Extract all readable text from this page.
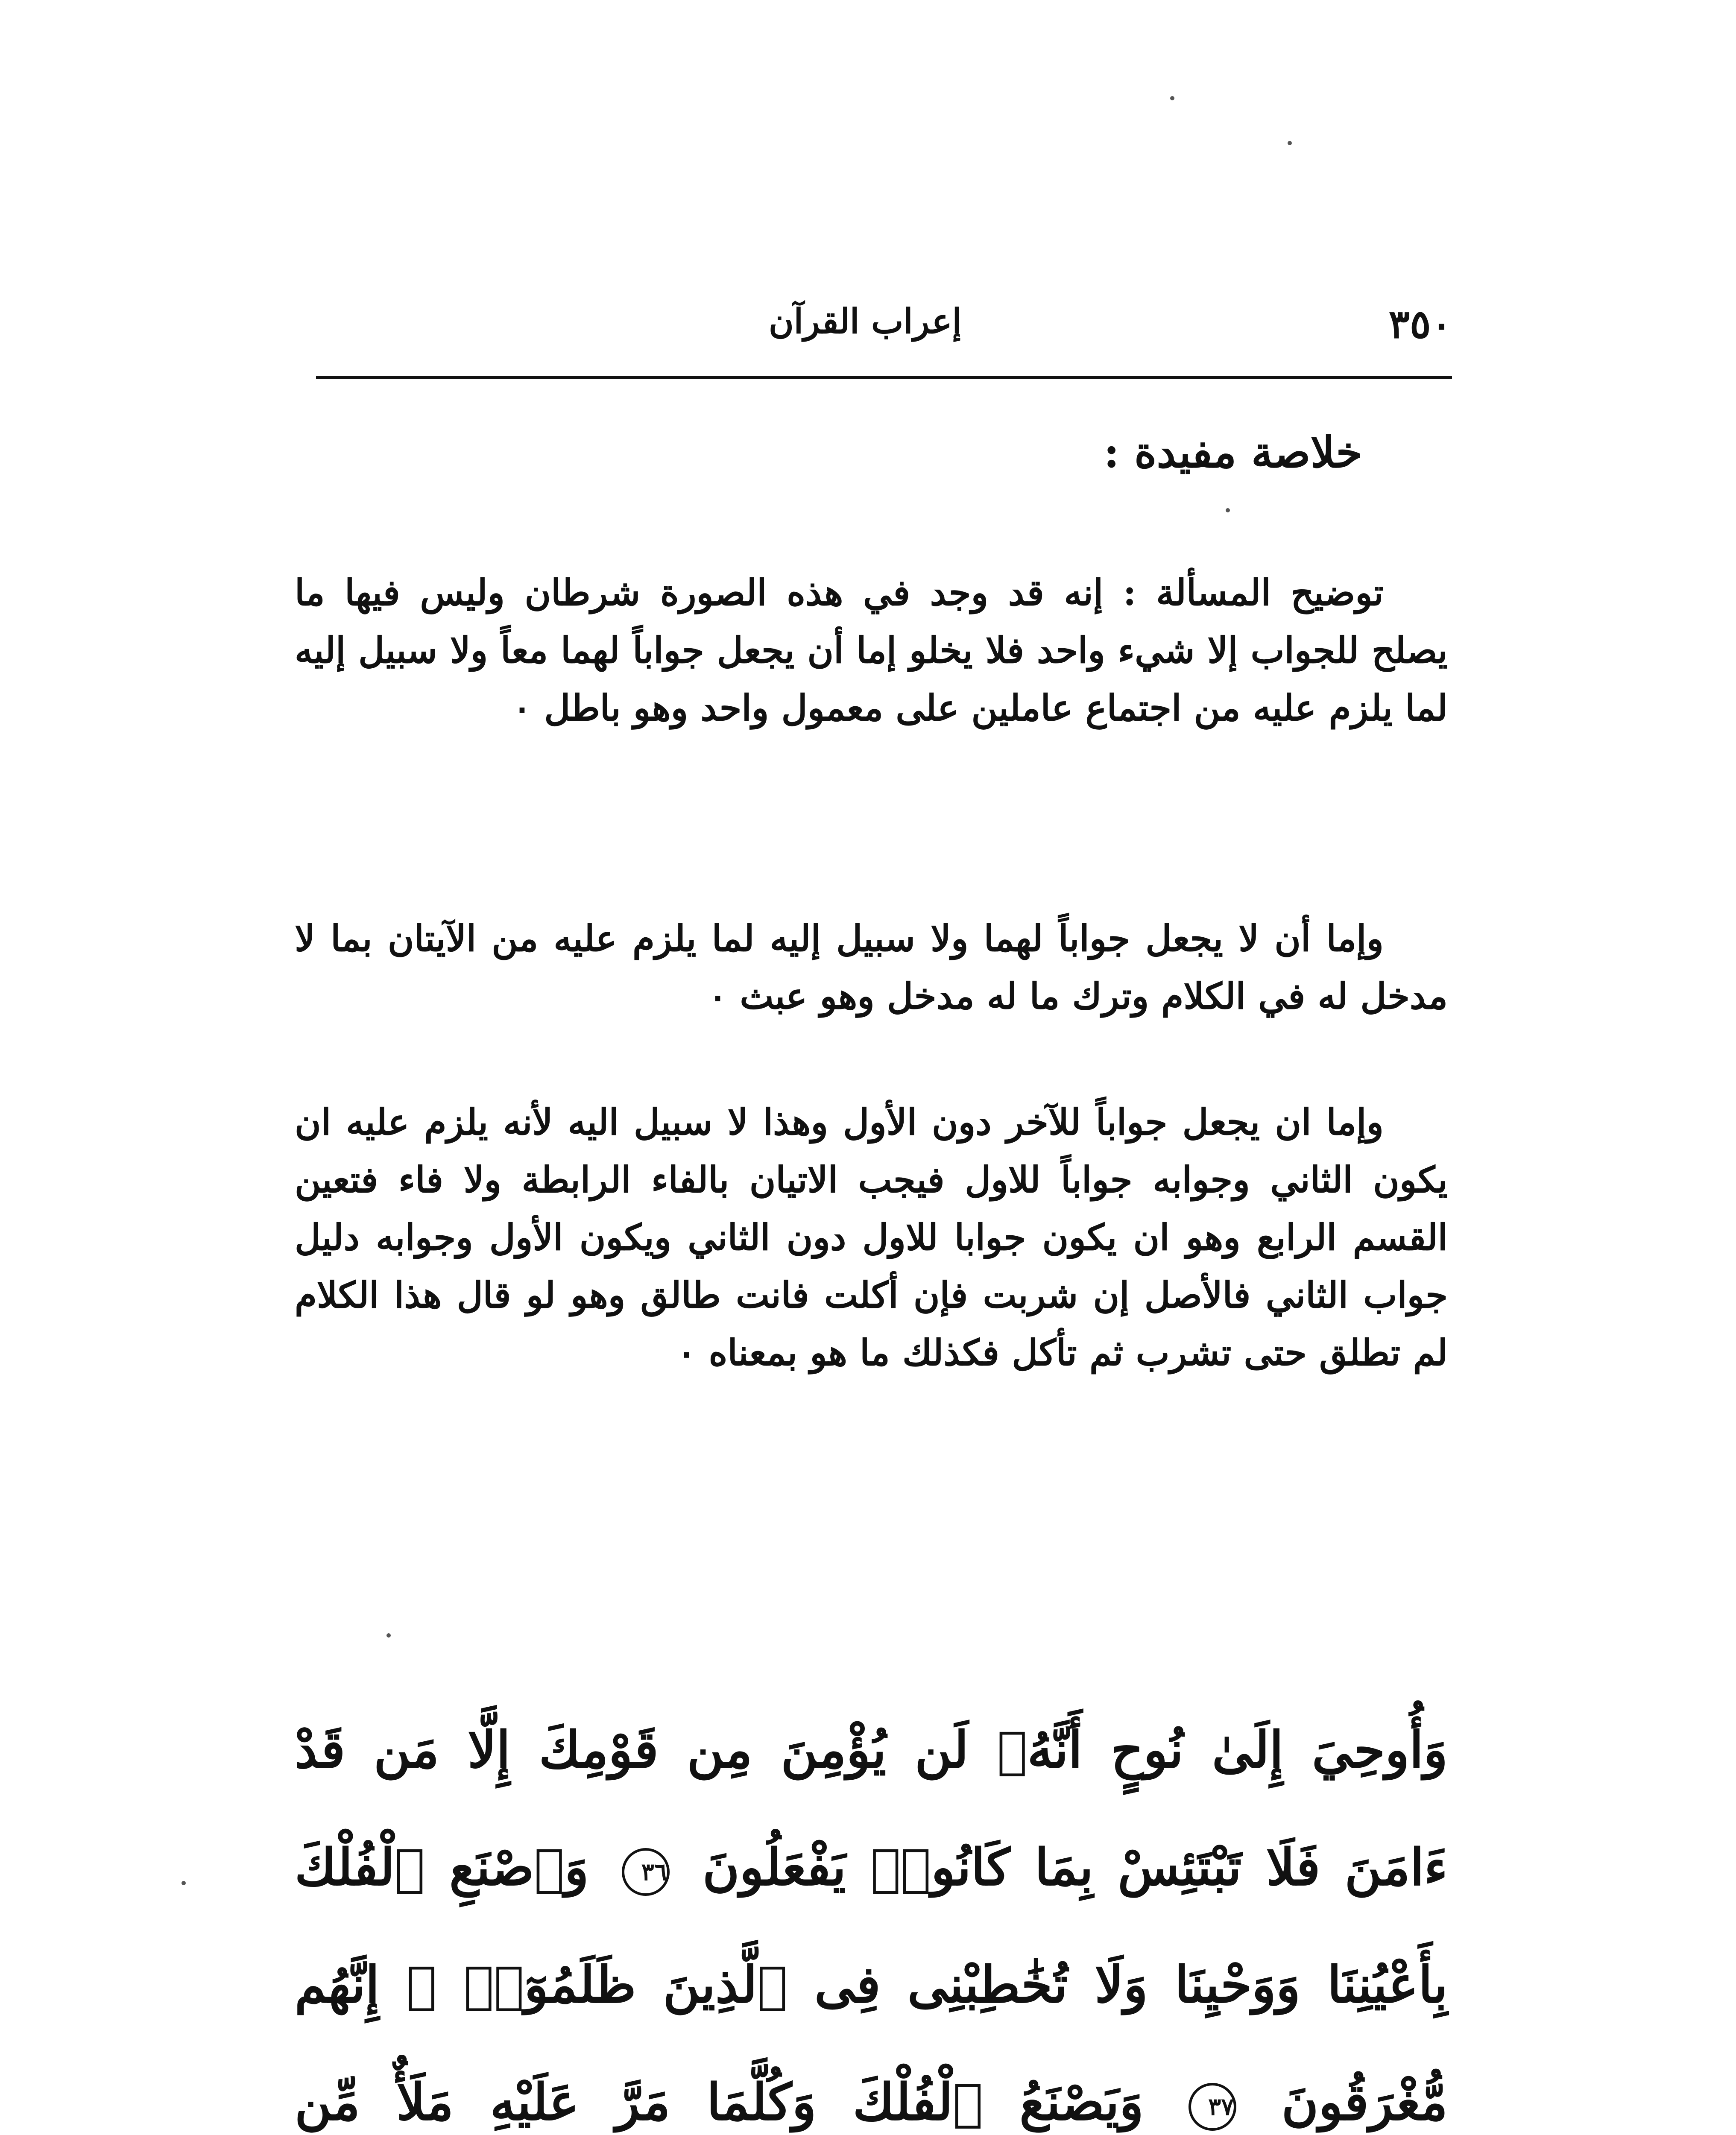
إعراب القرآن	٣٥٠
خلاصة مفيدة :
توضيح المسألة : إنه قد وجد في هذه الصورة شرطان وليس فيها ما يصلح للجواب إلا شيء واحد فلا يخلو إما أن يجعل جواباً لهما معاً ولا سبيل إليه لما يلزم عليه من اجتماع عاملين على معمول واحد وهو باطل ٠
وإما أن لا يجعل جواباً لهما ولا سبيل إليه لما يلزم عليه من الآيتان بما لا مدخل له في الكلام وترك ما له مدخل وهو عبث ٠
وإما ان يجعل جواباً للآخر دون الأول وهذا لا سبيل اليه لأنه يلزم عليه ان يكون الثاني وجوابه جواباً للاول فيجب الاتيان بالفاء الرابطة ولا فاء فتعين القسم الرابع وهو ان يكون جوابا للاول دون الثاني ويكون الأول وجوابه دليل جواب الثاني فالأصل إن شربت فإن أكلت فانت طالق وهو لو قال هذا الكلام لم تطلق حتى تشرب ثم تأكل فكذلك ما هو بمعناه ٠
وَأُوحِيَ إِلَىٰ نُوحٍ أَنَّهُۥ لَن يُؤْمِنَ مِن قَوْمِكَ إِلَّا مَن قَدْ ءَامَنَ فَلَا تَبْتَئِسْ بِمَا كَانُوا۟ يَفْعَلُونَ ٣٦ وَٱصْنَعِ ٱلْفُلْكَ بِأَعْيُنِنَا وَوَحْيِنَا وَلَا تُخَٰطِبْنِى فِى ٱلَّذِينَ ظَلَمُوٓا۟ ۚ إِنَّهُم مُّغْرَقُونَ ٣٧ وَيَصْنَعُ ٱلْفُلْكَ وَكُلَّمَا مَرَّ عَلَيْهِ مَلَأٌ مِّن
